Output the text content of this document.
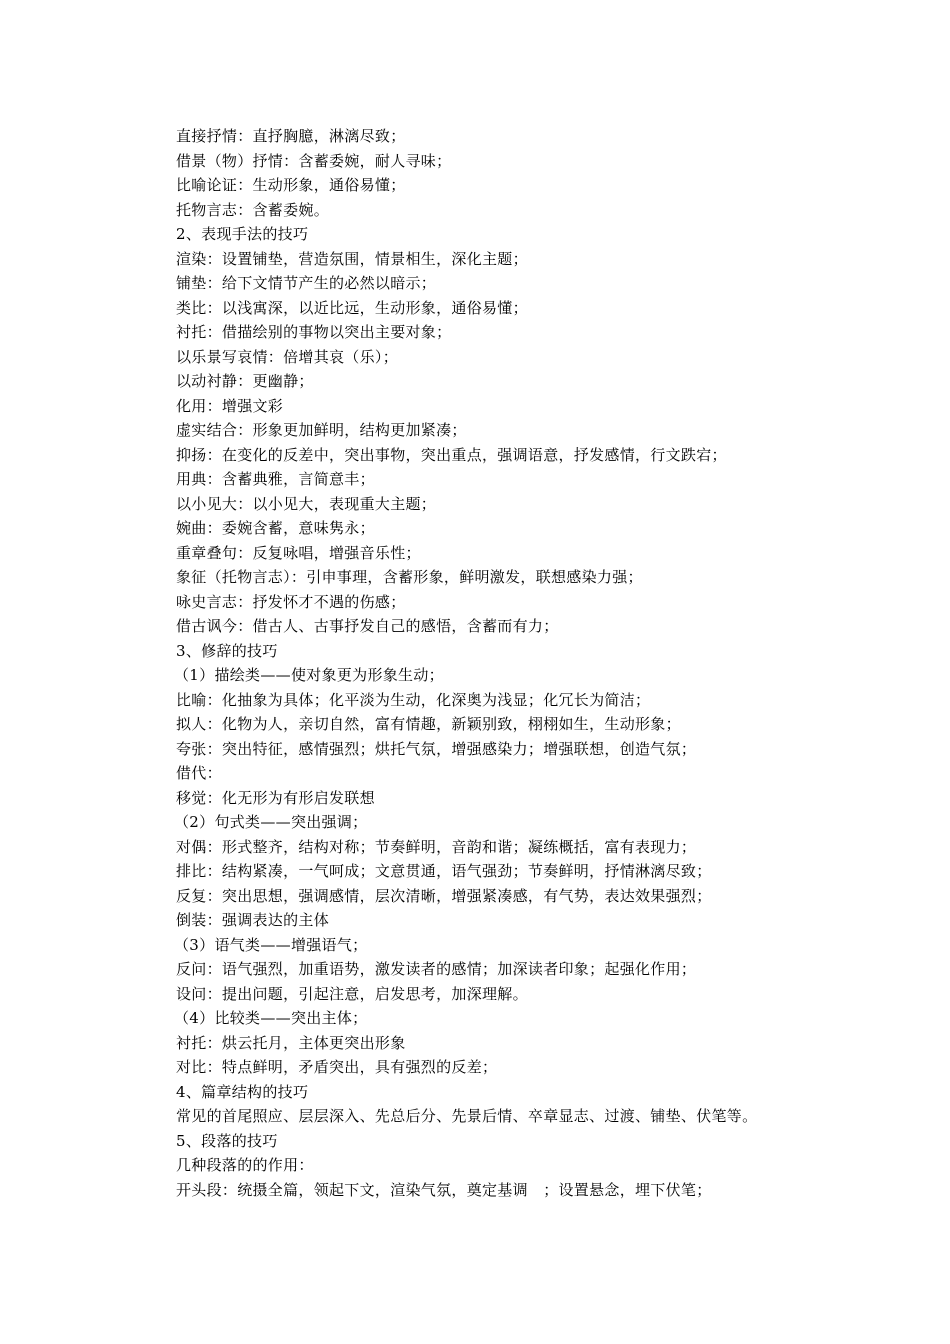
直接抒情：直抒胸臆，淋漓尽致；
借景（物）抒情：含蓄委婉，耐人寻味；
比喻论证：生动形象，通俗易懂；
托物言志：含蓄委婉。
2、表现手法的技巧
渲染：设置铺垫，营造氛围，情景相生，深化主题；
铺垫：给下文情节产生的必然以暗示；
类比：以浅寓深，以近比远，生动形象，通俗易懂；
衬托：借描绘别的事物以突出主要对象；
以乐景写哀情：倍增其哀（乐）；
以动衬静：更幽静；
化用：增强文彩
虚实结合：形象更加鲜明，结构更加紧凑；
抑扬：在变化的反差中，突出事物，突出重点，强调语意，抒发感情，行文跌宕；
用典：含蓄典雅，言简意丰；
以小见大：以小见大，表现重大主题；
婉曲：委婉含蓄，意味隽永；
重章叠句：反复咏唱，增强音乐性；
象征（托物言志）：引申事理，含蓄形象，鲜明激发，联想感染力强；
咏史言志：抒发怀才不遇的伤感；
借古讽今：借古人、古事抒发自己的感悟，含蓄而有力；
3、修辞的技巧
（1）描绘类——使对象更为形象生动；
比喻：化抽象为具体；化平淡为生动，化深奥为浅显；化冗长为简洁；
拟人：化物为人，亲切自然，富有情趣，新颖别致，栩栩如生，生动形象；
夸张：突出特征，感情强烈；烘托气氛，增强感染力；增强联想，创造气氛；
借代：
移觉：化无形为有形启发联想
（2）句式类——突出强调；
对偶：形式整齐，结构对称；节奏鲜明，音韵和谐；凝练概括，富有表现力；
排比：结构紧凑，一气呵成；文意贯通，语气强劲；节奏鲜明，抒情淋漓尽致；
反复：突出思想，强调感情，层次清晰，增强紧凑感，有气势，表达效果强烈；
倒装：强调表达的主体
（3）语气类——增强语气；
反问：语气强烈，加重语势，激发读者的感情；加深读者印象；起强化作用；
设问：提出问题，引起注意，启发思考，加深理解。
（4）比较类——突出主体；
衬托：烘云托月，主体更突出形象
对比：特点鲜明，矛盾突出，具有强烈的反差；
4、篇章结构的技巧
常见的首尾照应、层层深入、先总后分、先景后情、卒章显志、过渡、铺垫、伏笔等。
5、段落的技巧
几种段落的的作用：
开头段：统摄全篇，领起下文，渲染气氛，奠定基调　；设置悬念，埋下伏笔；
